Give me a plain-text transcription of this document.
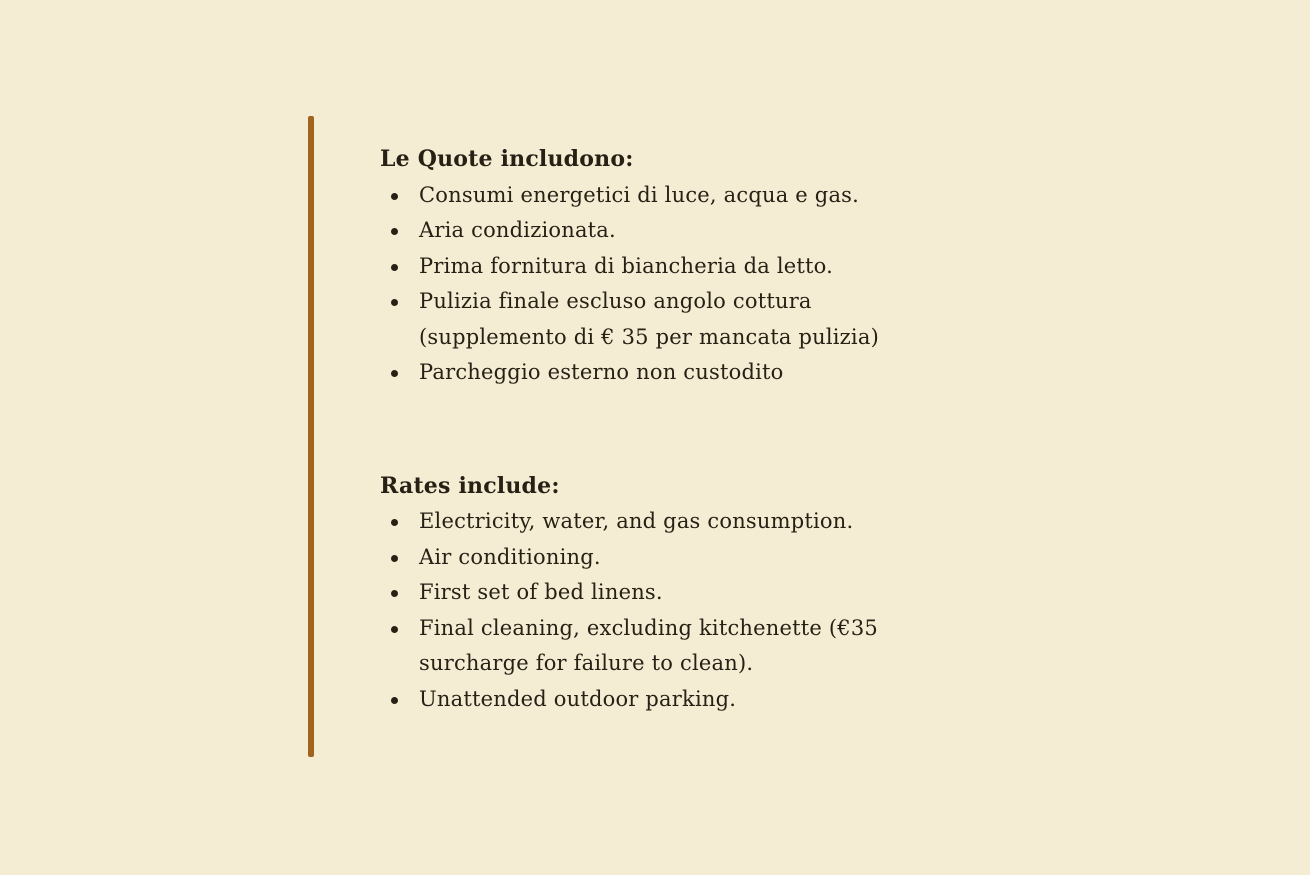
Le Quote includono:
Consumi energetici di luce, acqua e gas.
Aria condizionata.
Prima fornitura di biancheria da letto.
Pulizia finale escluso angolo cottura
(supplemento di € 35 per mancata pulizia)
Parcheggio esterno non custodito
Rates include:
Electricity, water, and gas consumption.
Air conditioning.
First set of bed linens.
Final cleaning, excluding kitchenette (€35
surcharge for failure to clean).
Unattended outdoor parking.
